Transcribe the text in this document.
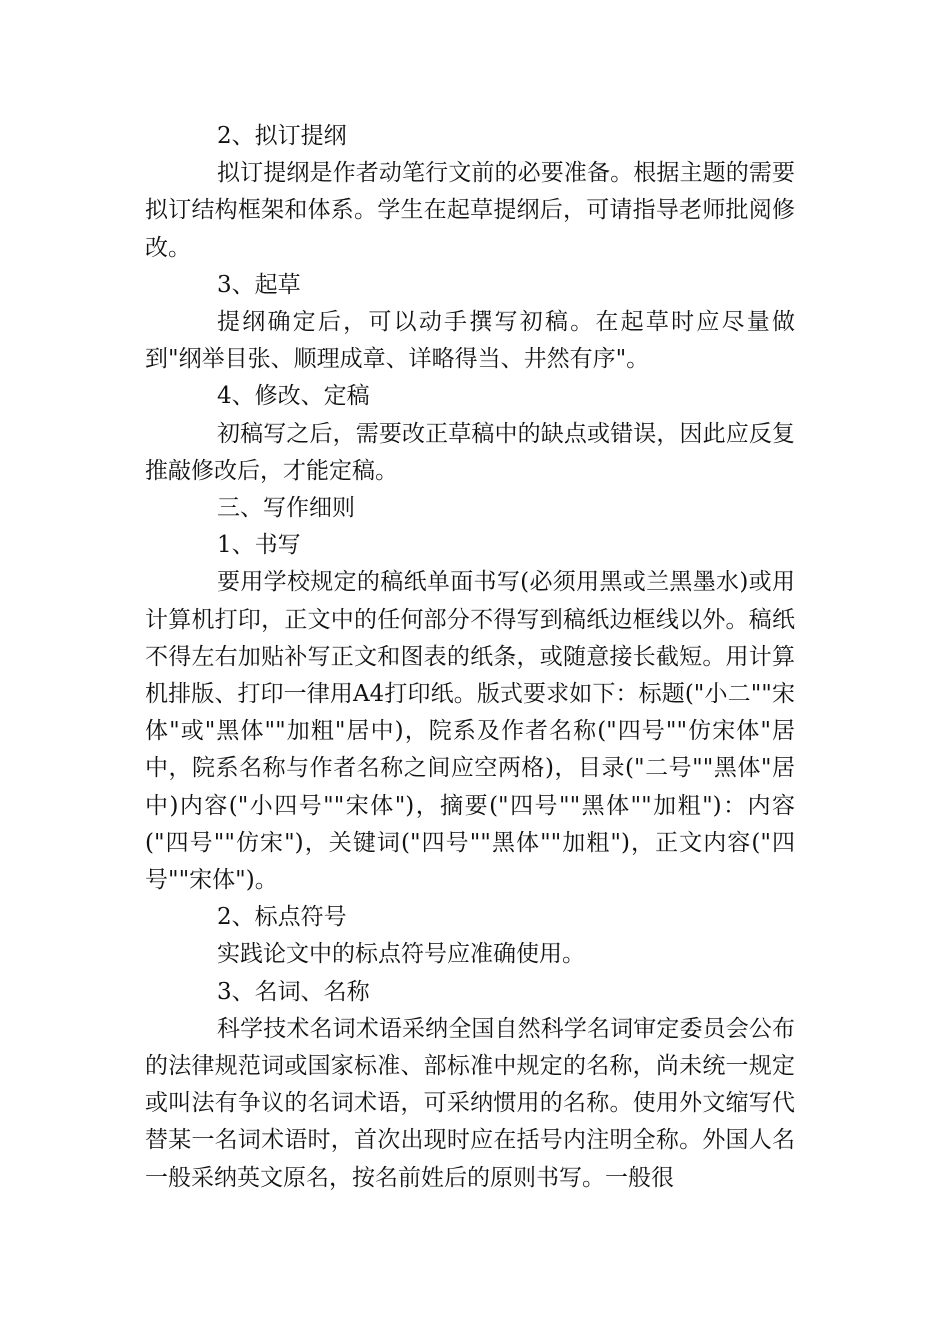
2、拟订提纲

拟订提纲是作者动笔行文前的必要准备。根据主题的需要拟订结构框架和体系。学生在起草提纲后，可请指导老师批阅修改。

3、起草

提纲确定后，可以动手撰写初稿。在起草时应尽量做到"纲举目张、顺理成章、详略得当、井然有序"。

4、修改、定稿

初稿写之后，需要改正草稿中的缺点或错误，因此应反复推敲修改后，才能定稿。

三、写作细则

1、书写

要用学校规定的稿纸单面书写(必须用黑或兰黑墨水)或用计算机打印，正文中的任何部分不得写到稿纸边框线以外。稿纸不得左右加贴补写正文和图表的纸条，或随意接长截短。用计算机排版、打印一律用A4打印纸。版式要求如下：标题("小二""宋体"或"黑体""加粗"居中)，院系及作者名称("四号""仿宋体"居中，院系名称与作者名称之间应空两格)，目录("二号""黑体"居中)内容("小四号""宋体")，摘要("四号""黑体""加粗")：内容("四号""仿宋")，关键词("四号""黑体""加粗")，正文内容("四号""宋体")。

2、标点符号

实践论文中的标点符号应准确使用。

3、名词、名称

科学技术名词术语采纳全国自然科学名词审定委员会公布的法律规范词或国家标准、部标准中规定的名称，尚未统一规定或叫法有争议的名词术语，可采纳惯用的名称。使用外文缩写代替某一名词术语时，首次出现时应在括号内注明全称。外国人名一般采纳英文原名，按名前姓后的原则书写。一般很
